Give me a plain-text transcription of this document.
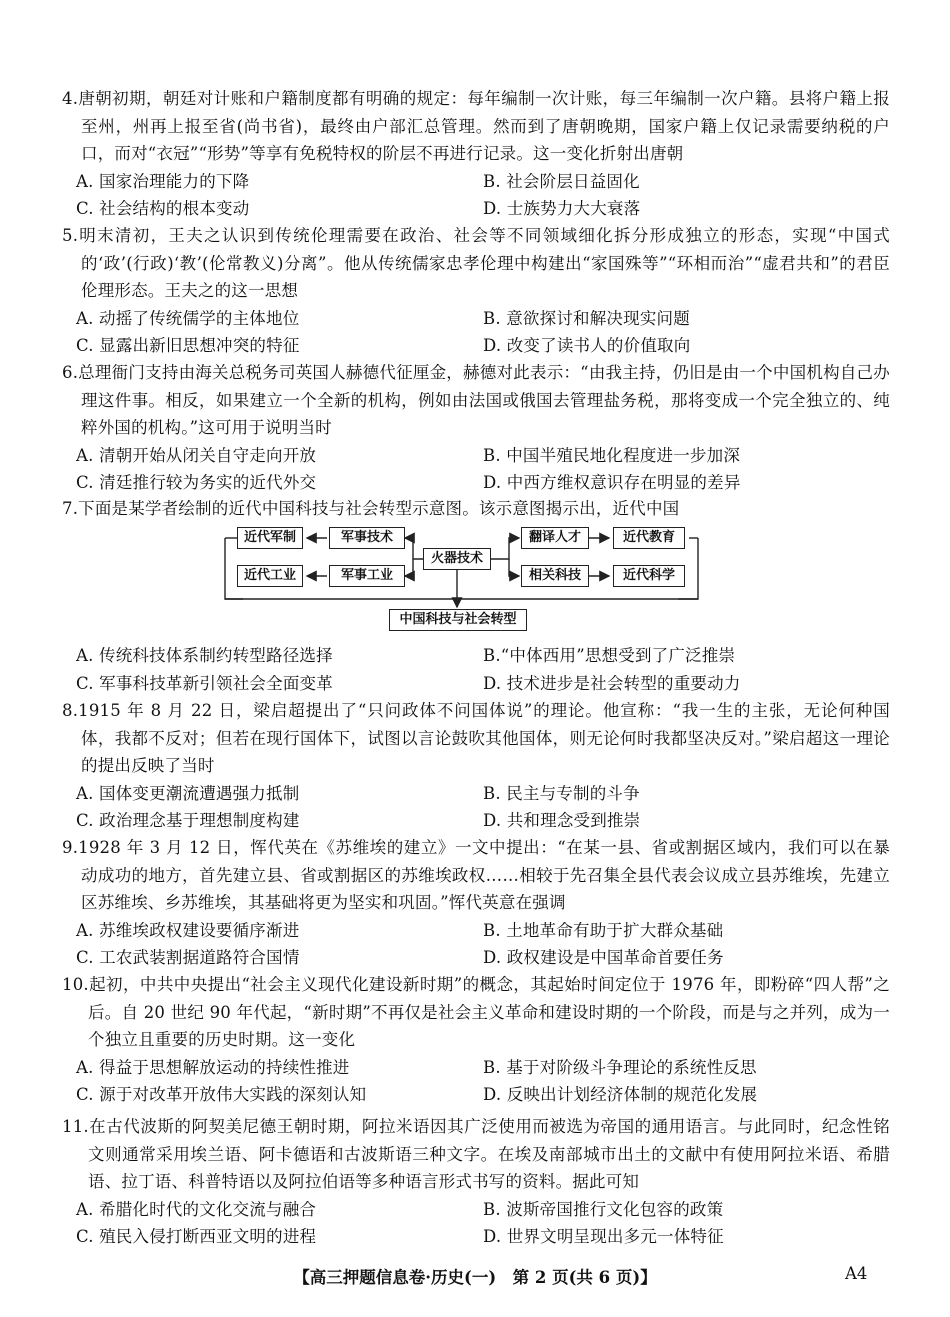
4.唐朝初期，朝廷对计账和户籍制度都有明确的规定：每年编制一次计账，每三年编制一次户籍。县将户籍上报至州，州再上报至省(尚书省)，最终由户部汇总管理。然而到了唐朝晚期，国家户籍上仅记录需要纳税的户口，而对“衣冠”“形势”等享有免税特权的阶层不再进行记录。这一变化折射出唐朝

A. 国家治理能力的下降	B. 社会阶层日益固化
C. 社会结构的根本变动	D. 士族势力大大衰落

5.明末清初，王夫之认识到传统伦理需要在政治、社会等不同领域细化拆分形成独立的形态，实现“中国式的‘政’(行政)‘教’(伦常教义)分离”。他从传统儒家忠孝伦理中构建出“家国殊等”“环相而治”“虚君共和”的君臣伦理形态。王夫之的这一思想

A. 动摇了传统儒学的主体地位	B. 意欲探讨和解决现实问题
C. 显露出新旧思想冲突的特征	D. 改变了读书人的价值取向

6.总理衙门支持由海关总税务司英国人赫德代征厘金，赫德对此表示：“由我主持，仍旧是由一个中国机构自己办理这件事。相反，如果建立一个全新的机构，例如由法国或俄国去管理盐务税，那将变成一个完全独立的、纯粹外国的机构。”这可用于说明当时

A. 清朝开始从闭关自守走向开放	B. 中国半殖民地化程度进一步加深
C. 清廷推行较为务实的近代外交	D. 中西方维权意识存在明显的差异

7.下面是某学者绘制的近代中国科技与社会转型示意图。该示意图揭示出，近代中国

近代军制	军事技术
近代工业	军事工业
火器技术
翻译人才	近代教育
相关科技	近代科学
中国科技与社会转型
A. 传统科技体系制约转型路径选择	B.“中体西用”思想受到了广泛推崇
C. 军事科技革新引领社会全面变革	D. 技术进步是社会转型的重要动力

8.1915 年 8 月 22 日，梁启超提出了“只问政体不问国体说”的理论。他宣称：“我一生的主张，无论何种国体，我都不反对；但若在现行国体下，试图以言论鼓吹其他国体，则无论何时我都坚决反对。”梁启超这一理论的提出反映了当时

A. 国体变更潮流遭遇强力抵制	B. 民主与专制的斗争
C. 政治理念基于理想制度构建	D. 共和理念受到推崇

9.1928 年 3 月 12 日，恽代英在《苏维埃的建立》一文中提出：“在某一县、省或割据区域内，我们可以在暴动成功的地方，首先建立县、省或割据区的苏维埃政权……相较于先召集全县代表会议成立县苏维埃，先建立区苏维埃、乡苏维埃，其基础将更为坚实和巩固。”恽代英意在强调

A. 苏维埃政权建设要循序渐进	B. 土地革命有助于扩大群众基础
C. 工农武装割据道路符合国情	D. 政权建设是中国革命首要任务

10.起初，中共中央提出“社会主义现代化建设新时期”的概念，其起始时间定位于 1976 年，即粉碎“四人帮”之后。自 20 世纪 90 年代起，“新时期”不再仅是社会主义革命和建设时期的一个阶段，而是与之并列，成为一个独立且重要的历史时期。这一变化

A. 得益于思想解放运动的持续性推进	B. 基于对阶级斗争理论的系统性反思
C. 源于对改革开放伟大实践的深刻认知	D. 反映出计划经济体制的规范化发展

11.在古代波斯的阿契美尼德王朝时期，阿拉米语因其广泛使用而被选为帝国的通用语言。与此同时，纪念性铭文则通常采用埃兰语、阿卡德语和古波斯语三种文字。在埃及南部城市出土的文献中有使用阿拉米语、希腊语、拉丁语、科普特语以及阿拉伯语等多种语言形式书写的资料。据此可知

A. 希腊化时代的文化交流与融合	B. 波斯帝国推行文化包容的政策
C. 殖民入侵打断西亚文明的进程	D. 世界文明呈现出多元一体特征
【高三押题信息卷·历史(一)　第 2 页(共 6 页)】	A4
